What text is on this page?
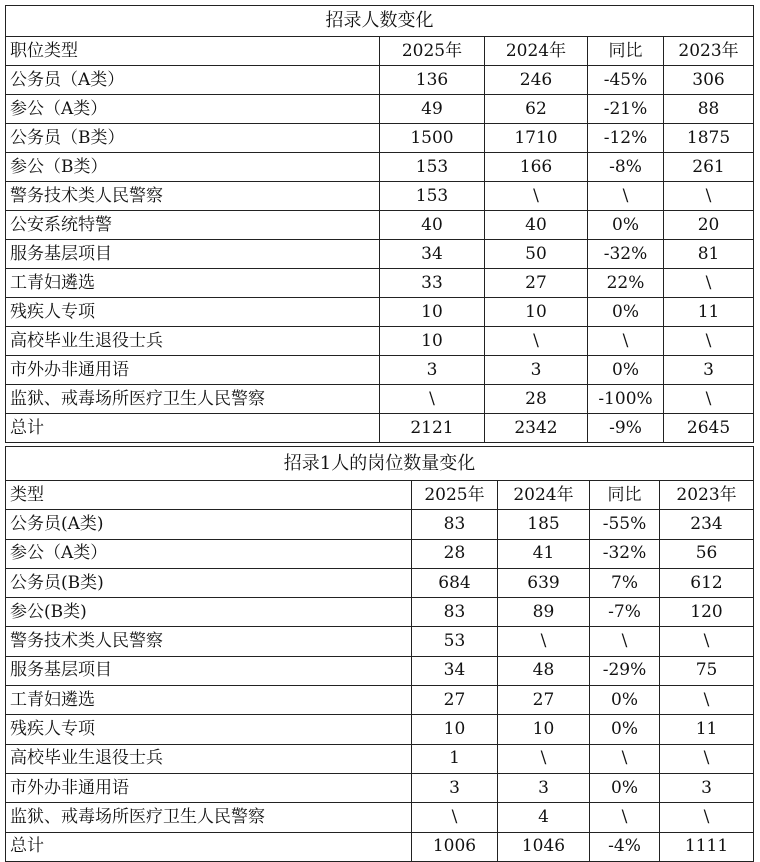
招录人数变化				
职位类型	2025年	2024年	同比	2023年
公务员（A类）	136	246	-45%	306
参公（A类）	49	62	-21%	88
公务员（B类）	1500	1710	-12%	1875
参公（B类）	153	166	-8%	261
警务技术类人民警察	153	\	\	\
公安系统特警	40	40	0%	20
服务基层项目	34	50	-32%	81
工青妇遴选	33	27	22%	\
残疾人专项	10	10	0%	11
高校毕业生退役士兵	10	\	\	\
市外办非通用语	3	3	0%	3
监狱、戒毒场所医疗卫生人民警察	\	28	-100%	\
总计	2121	2342	-9%	2645
招录1人的岗位数量变化				
类型	2025年	2024年	同比	2023年
公务员(A类)	83	185	-55%	234
参公（A类）	28	41	-32%	56
公务员(B类)	684	639	7%	612
参公(B类)	83	89	-7%	120
警务技术类人民警察	53	\	\	\
服务基层项目	34	48	-29%	75
工青妇遴选	27	27	0%	\
残疾人专项	10	10	0%	11
高校毕业生退役士兵	1	\	\	\
市外办非通用语	3	3	0%	3
监狱、戒毒场所医疗卫生人民警察	\	4	\	\
总计	1006	1046	-4%	1111
